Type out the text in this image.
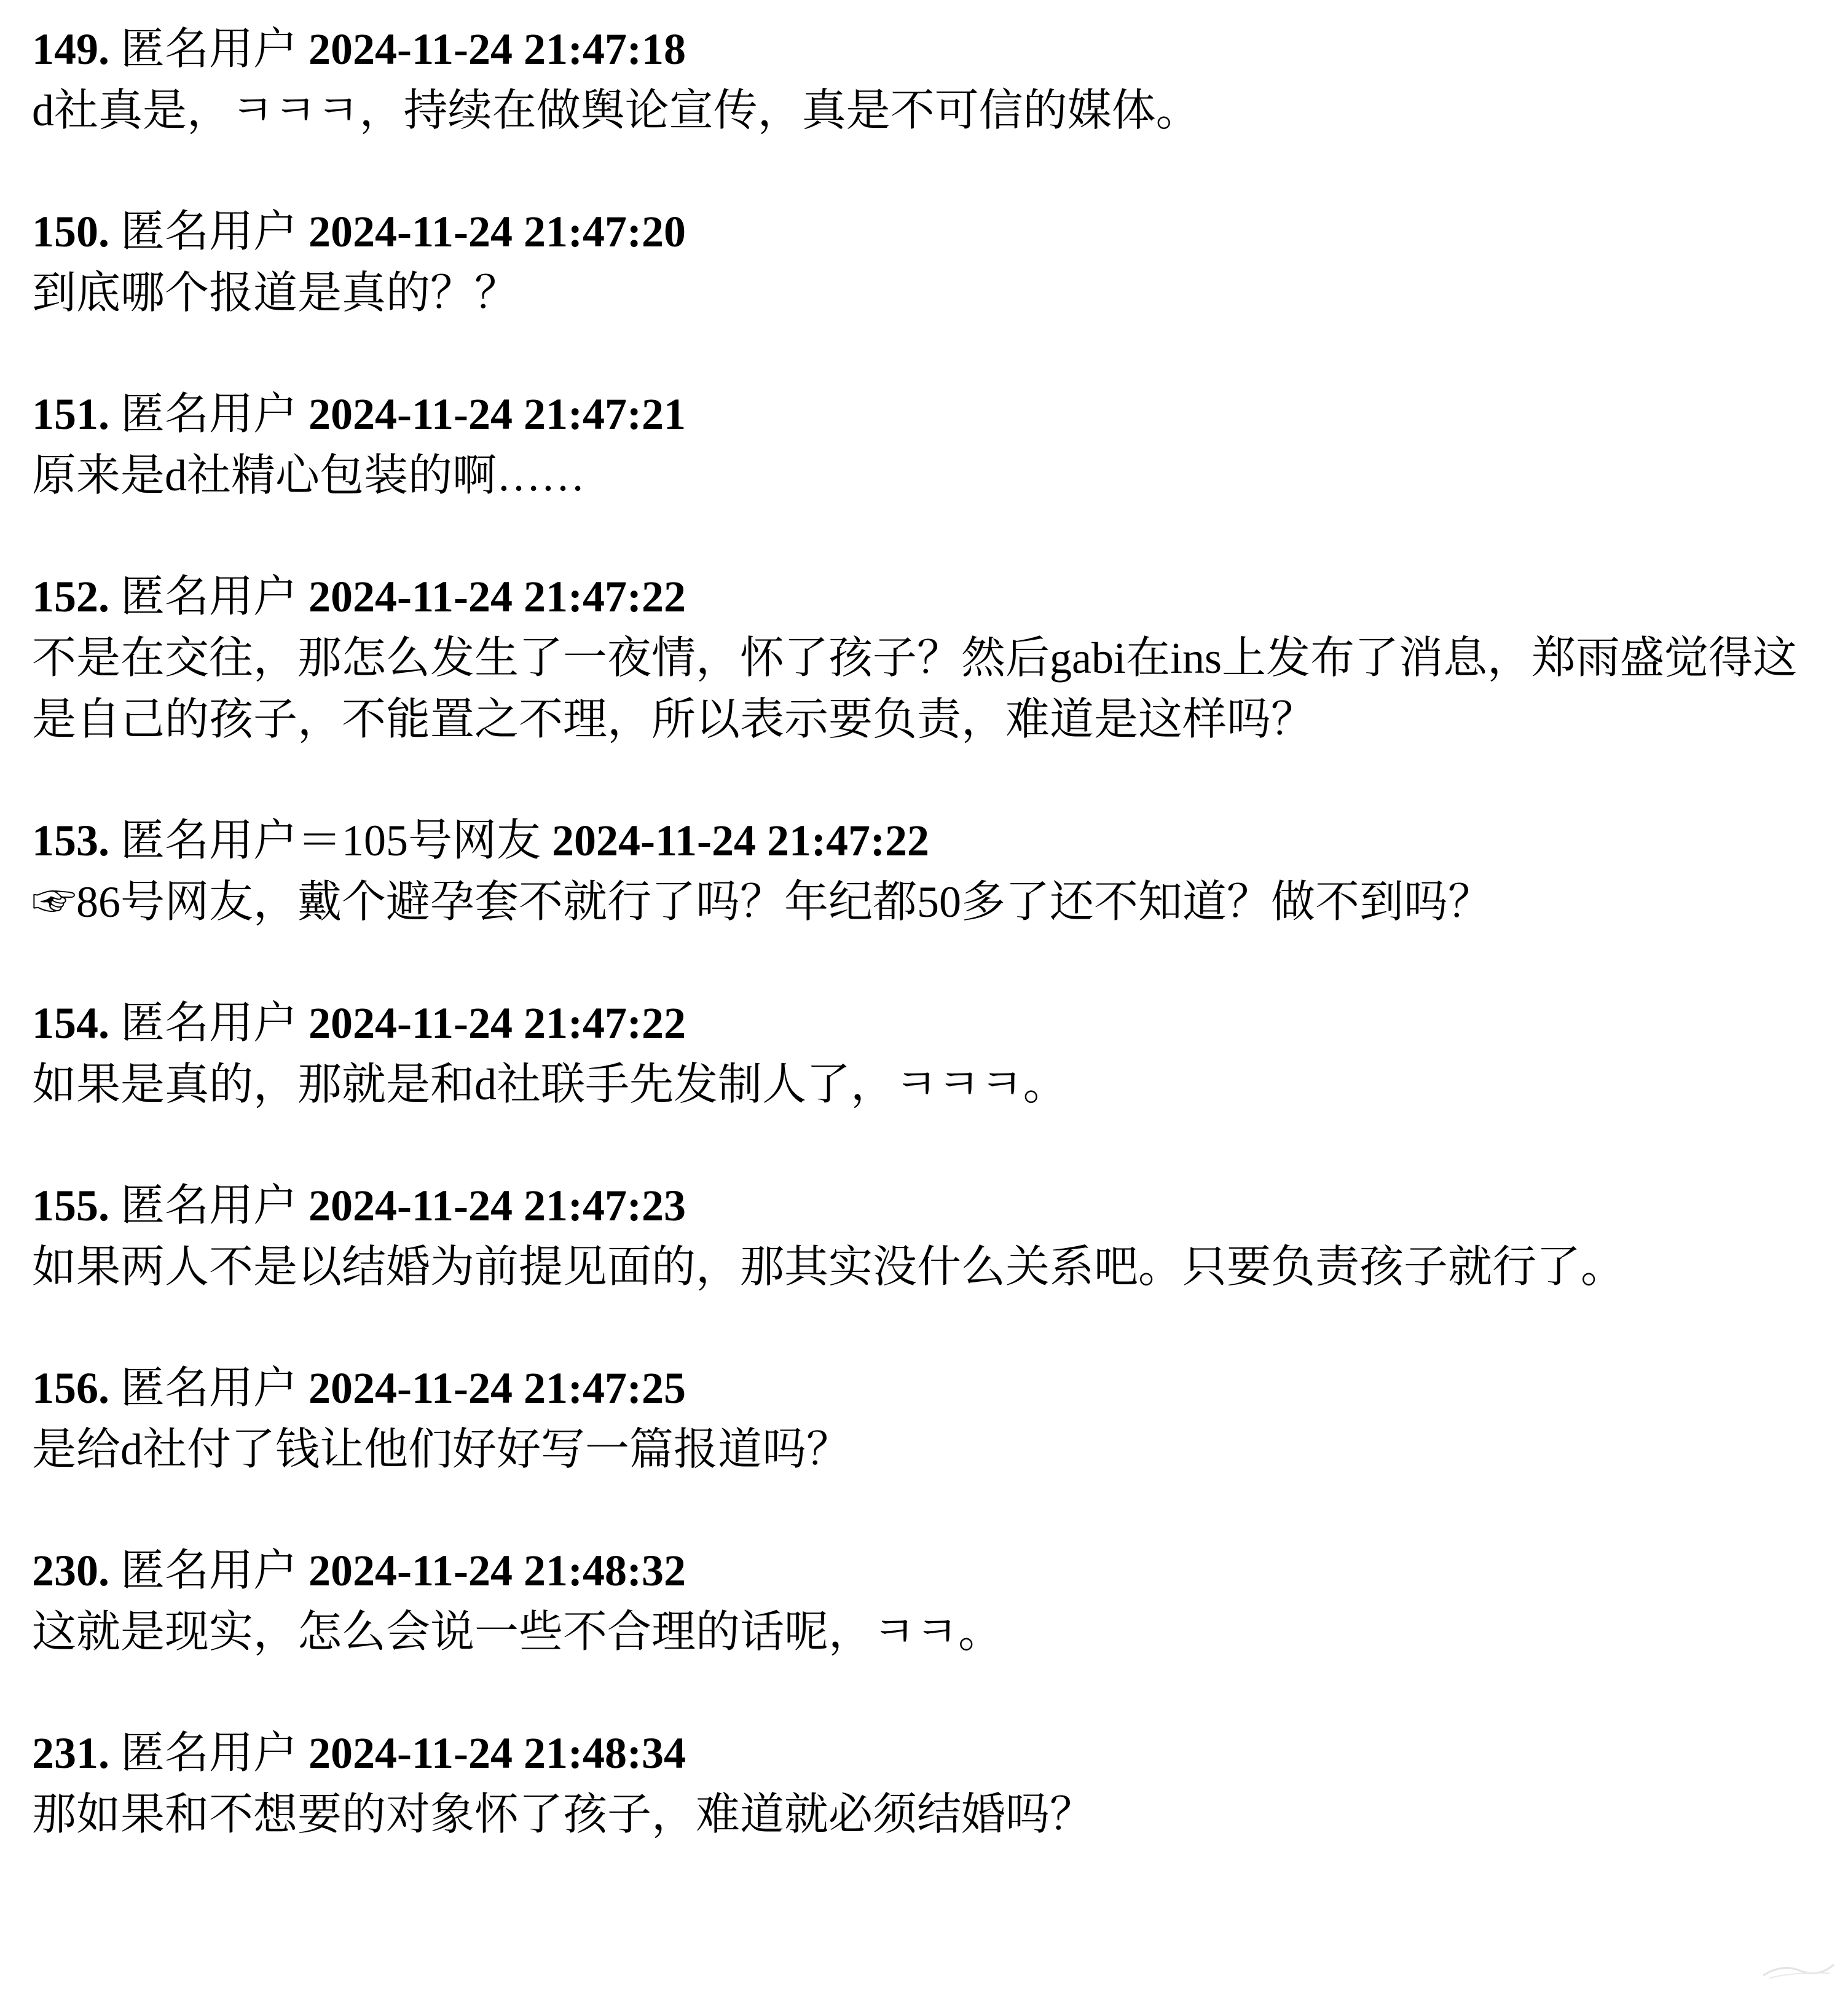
149. 匿名用户 2024-11-24 21:47:18
d社真是，ㅋㅋㅋ，持续在做舆论宣传，真是不可信的媒体。
150. 匿名用户 2024-11-24 21:47:20
到底哪个报道是真的？？
151. 匿名用户 2024-11-24 21:47:21
原来是d社精心包装的啊……
152. 匿名用户 2024-11-24 21:47:22
不是在交往，那怎么发生了一夜情，怀了孩子？然后gabi在ins上发布了消息，郑雨盛觉得这是自己的孩子，不能置之不理，所以表示要负责，难道是这样吗？
153. 匿名用户＝105号网友 2024-11-24 21:47:22
☞86号网友，戴个避孕套不就行了吗？年纪都50多了还不知道？做不到吗？
154. 匿名用户 2024-11-24 21:47:22
如果是真的，那就是和d社联手先发制人了，ㅋㅋㅋ。
155. 匿名用户 2024-11-24 21:47:23
如果两人不是以结婚为前提见面的，那其实没什么关系吧。只要负责孩子就行了。
156. 匿名用户 2024-11-24 21:47:25
是给d社付了钱让他们好好写一篇报道吗？
230. 匿名用户 2024-11-24 21:48:32
这就是现实，怎么会说一些不合理的话呢，ㅋㅋ。
231. 匿名用户 2024-11-24 21:48:34
那如果和不想要的对象怀了孩子，难道就必须结婚吗？
